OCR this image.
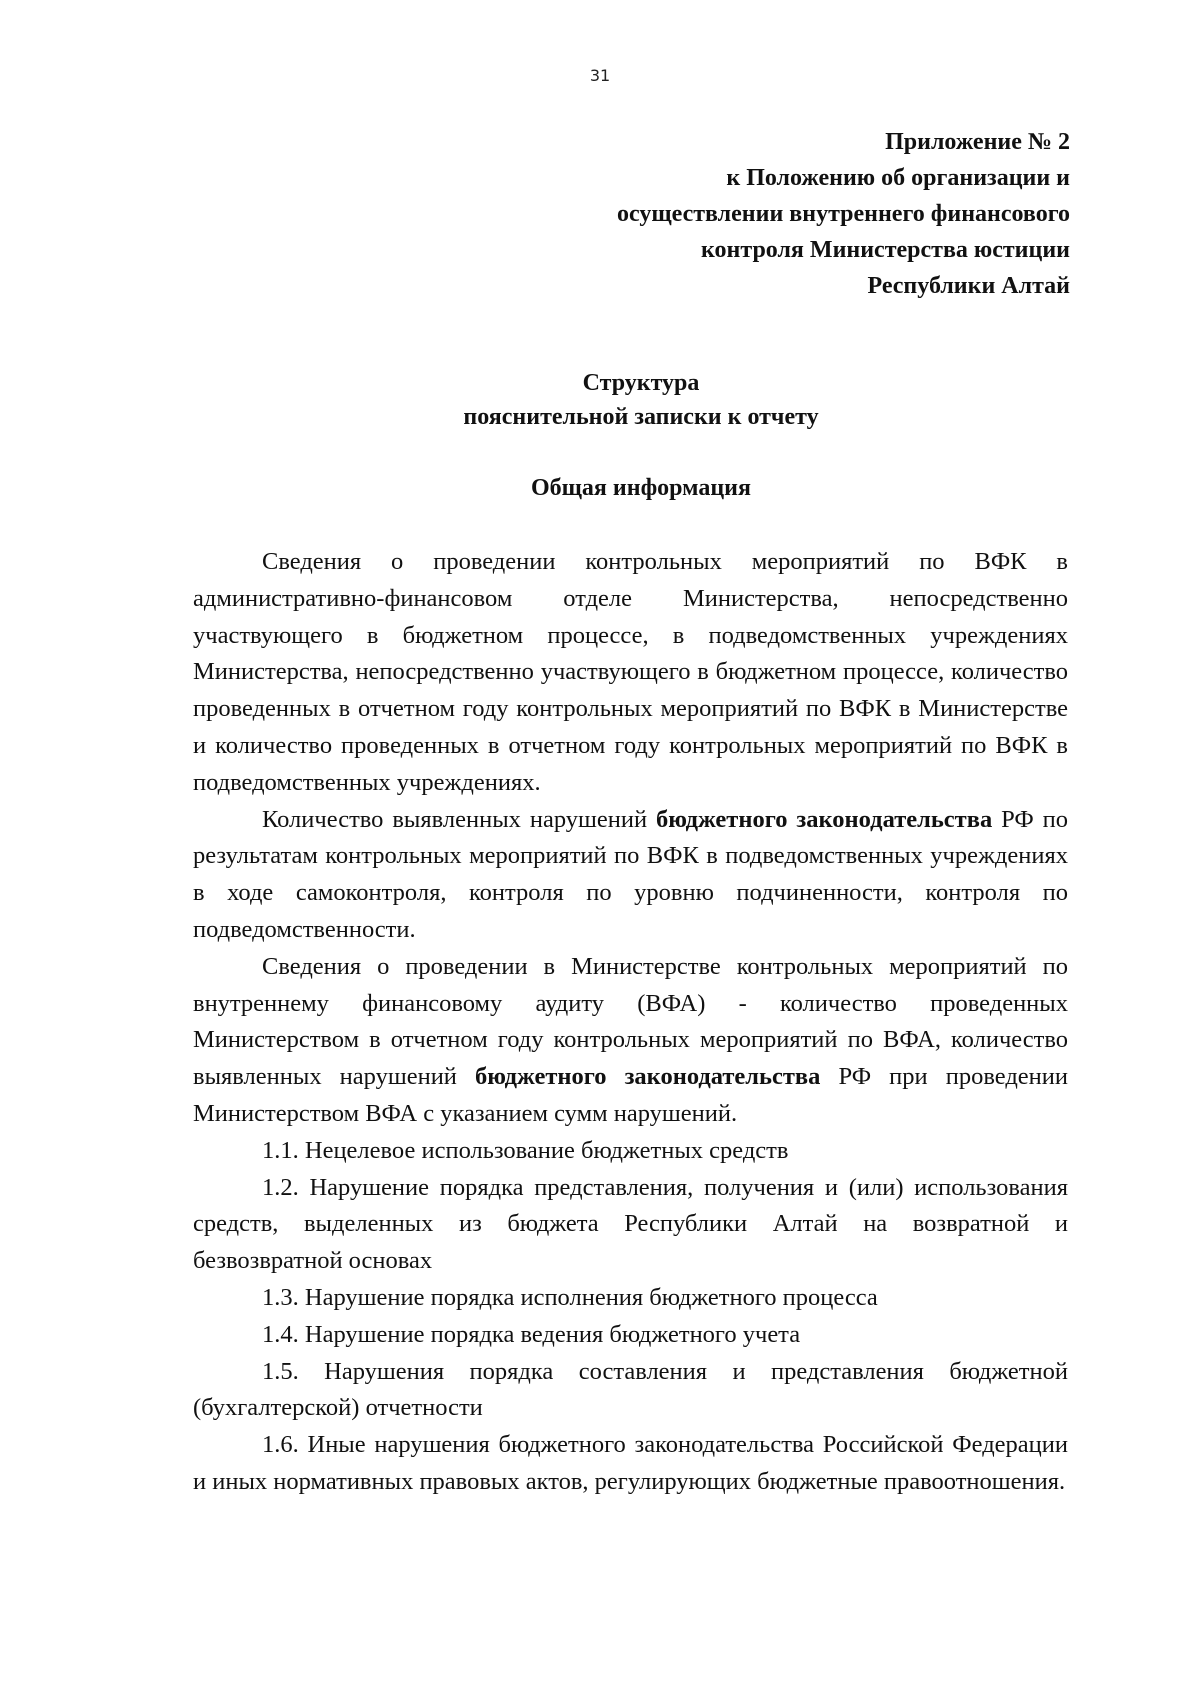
31
Приложение № 2
к Положению об организации и
осуществлении внутреннего финансового
контроля Министерства юстиции
Республики Алтай
Структура
пояснительной записки к отчету
Общая информация

Сведения о проведении контрольных мероприятий по ВФК в административно-финансовом отделе Министерства, непосредственно участвующего в бюджетном процессе, в подведомственных учреждениях Министерства, непосредственно участвующего в бюджетном процессе, количество проведенных в отчетном году контрольных мероприятий по ВФК в Министерстве и количество проведенных в отчетном году контрольных мероприятий по ВФК в подведомственных учреждениях.

Количество выявленных нарушений бюджетного законодательства РФ по результатам контрольных мероприятий по ВФК в подведомственных учреждениях в ходе самоконтроля, контроля по уровню подчиненности, контроля по подведомственности.

Сведения о проведении в Министерстве контрольных мероприятий по внутреннему финансовому аудиту (ВФА) - количество проведенных Министерством в отчетном году контрольных мероприятий по ВФА, количество выявленных нарушений бюджетного законодательства РФ при проведении Министерством ВФА с указанием сумм нарушений.

1.1. Нецелевое использование бюджетных средств

1.2. Нарушение порядка представления, получения и (или) использования средств, выделенных из бюджета Республики Алтай на возвратной и безвозвратной основах

1.3. Нарушение порядка исполнения бюджетного процесса

1.4. Нарушение порядка ведения бюджетного учета

1.5. Нарушения порядка составления и представления бюджетной (бухгалтерской) отчетности

1.6. Иные нарушения бюджетного законодательства Российской Федерации и иных нормативных правовых актов, регулирующих бюджетные правоотношения.
